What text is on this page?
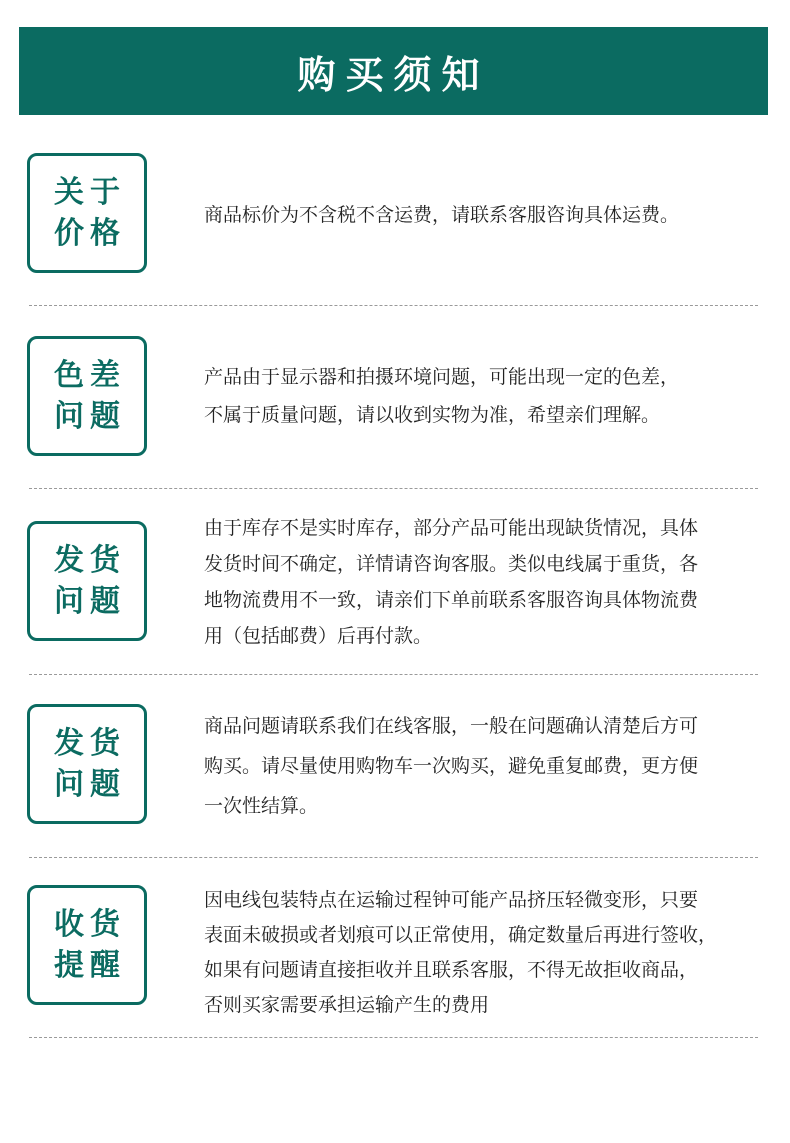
购买须知
关于
价格
商品标价为不含税不含运费，请联系客服咨询具体运费。
色差
问题
产品由于显示器和拍摄环境问题，可能出现一定的色差，
不属于质量问题，请以收到实物为准，希望亲们理解。
发货
问题
由于库存不是实时库存，部分产品可能出现缺货情况，具体
发货时间不确定，详情请咨询客服。类似电线属于重货，各
地物流费用不一致，请亲们下单前联系客服咨询具体物流费
用（包括邮费）后再付款。
发货
问题
商品问题请联系我们在线客服，一般在问题确认清楚后方可
购买。请尽量使用购物车一次购买，避免重复邮费，更方便
一次性结算。
收货
提醒
因电线包装特点在运输过程钟可能产品挤压轻微变形，只要
表面未破损或者划痕可以正常使用，确定数量后再进行签收，
如果有问题请直接拒收并且联系客服，不得无故拒收商品，
否则买家需要承担运输产生的费用
